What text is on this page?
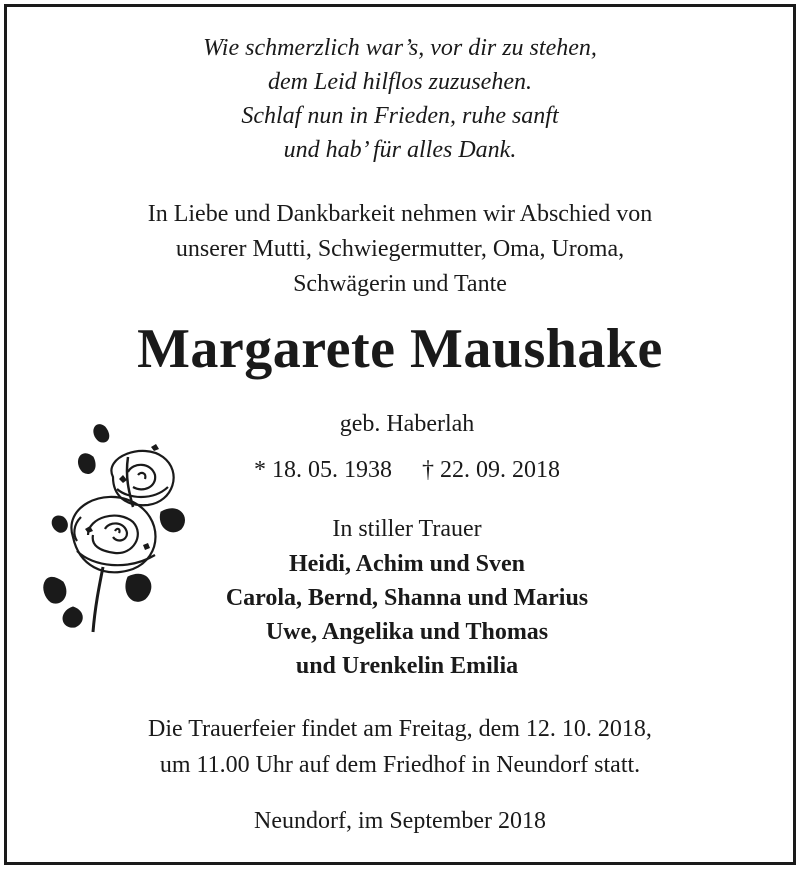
Wie schmerzlich war’s, vor dir zu stehen,
dem Leid hilflos zuzusehen.
Schlaf nun in Frieden, ruhe sanft
und hab’ für alles Dank.
In Liebe und Dankbarkeit nehmen wir Abschied von
unserer Mutti, Schwiegermutter, Oma, Uroma,
Schwägerin und Tante
Margarete Maushake
geb. Haberlah
* 18. 05. 1938 † 22. 09. 2018
In stiller Trauer
Heidi, Achim und Sven
Carola, Bernd, Shanna und Marius
Uwe, Angelika und Thomas
und Urenkelin Emilia
Die Trauerfeier findet am Freitag, dem 12. 10. 2018,
um 11.00 Uhr auf dem Friedhof in Neundorf statt.
Neundorf, im September 2018
